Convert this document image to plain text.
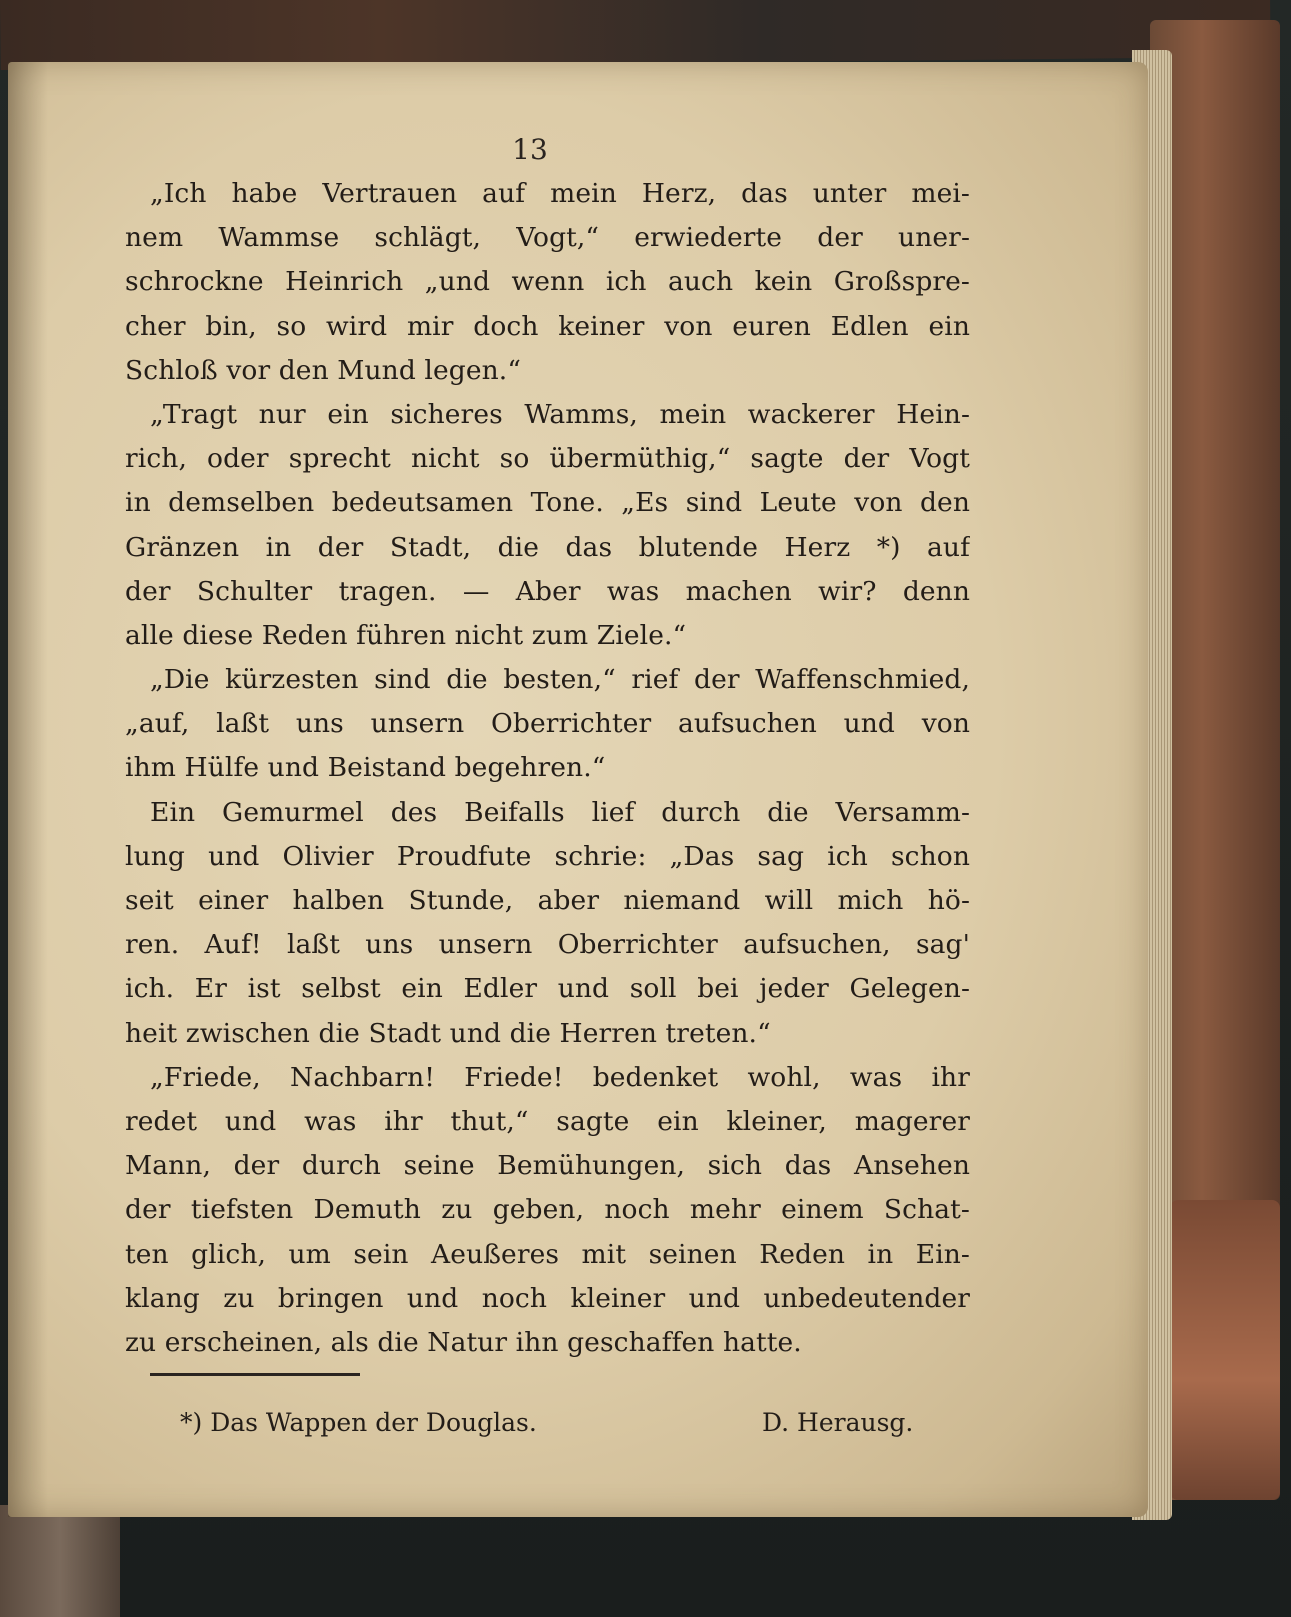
13
„Ich habe Vertrauen auf mein Herz, das unter mei-
nem Wammse schlägt, Vogt,“ erwiederte der uner-
schrockne Heinrich „und wenn ich auch kein Großspre-
cher bin, so wird mir doch keiner von euren Edlen ein
Schloß vor den Mund legen.“
„Tragt nur ein sicheres Wamms, mein wackerer Hein-
rich, oder sprecht nicht so übermüthig,“ sagte der Vogt
in demselben bedeutsamen Tone. „Es sind Leute von den
Gränzen in der Stadt, die das blutende Herz *) auf
der Schulter tragen. — Aber was machen wir? denn
alle diese Reden führen nicht zum Ziele.“
„Die kürzesten sind die besten,“ rief der Waffenschmied,
„auf, laßt uns unsern Oberrichter aufsuchen und von
ihm Hülfe und Beistand begehren.“
Ein Gemurmel des Beifalls lief durch die Versamm-
lung und Olivier Proudfute schrie: „Das sag ich schon
seit einer halben Stunde, aber niemand will mich hö-
ren. Auf! laßt uns unsern Oberrichter aufsuchen, sag'
ich. Er ist selbst ein Edler und soll bei jeder Gelegen-
heit zwischen die Stadt und die Herren treten.“
„Friede, Nachbarn! Friede! bedenket wohl, was ihr
redet und was ihr thut,“ sagte ein kleiner, magerer
Mann, der durch seine Bemühungen, sich das Ansehen
der tiefsten Demuth zu geben, noch mehr einem Schat-
ten glich, um sein Aeußeres mit seinen Reden in Ein-
klang zu bringen und noch kleiner und unbedeutender
zu erscheinen, als die Natur ihn geschaffen hatte.
*) Das Wappen der Douglas.	D. Herausg.
